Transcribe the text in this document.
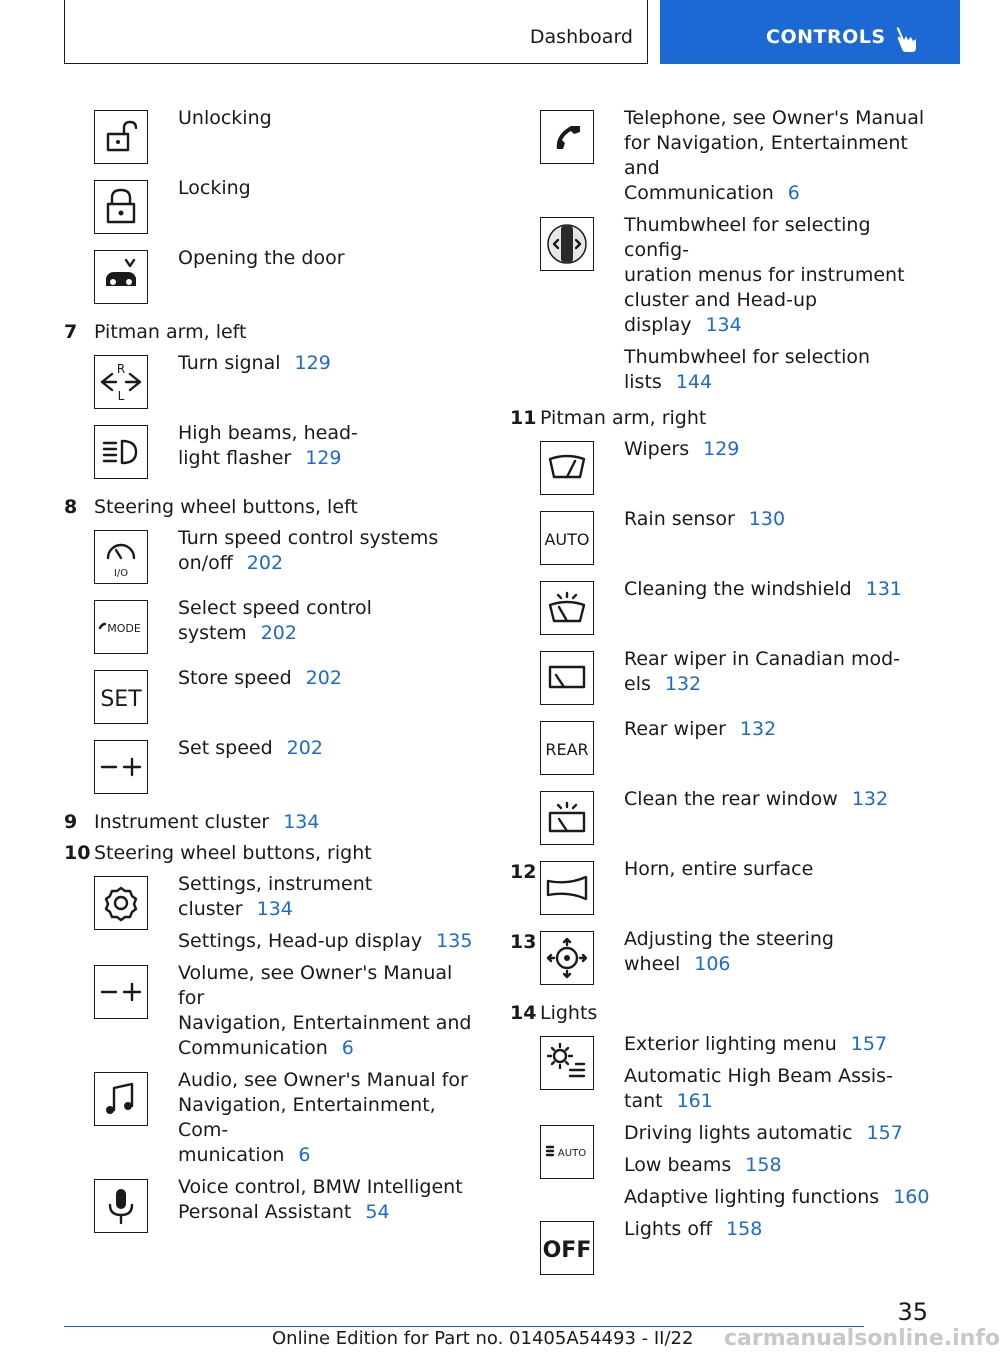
Dashboard	CONTROLS
Unlocking
Locking
Opening the door
7 Pitman arm, left
R
L
Turn signal 129
High beams, head-
light flasher 129
8 Steering wheel buttons, left
I/O
Turn speed control systems on/off 202
MODE
Select speed control system 202
SET
Store speed 202
Set speed 202
9 Instrument cluster 134
10 Steering wheel buttons, right
Settings, instrument cluster 134
Settings, Head-up display 135
Volume, see Owner's Manual for
Navigation, Entertainment and
Communication 6
Audio, see Owner's Manual for
Navigation, Entertainment, Com-
munication 6
Voice control, BMW Intelligent
Personal Assistant 54
Telephone, see Owner's Manual
for Navigation, Entertainment and
Communication 6
Thumbwheel for selecting config-
uration menus for instrument
cluster and Head-up display 134
Thumbwheel for selection
lists 144
11 Pitman arm, right
Wipers 129
AUTO
Rain sensor 130
Cleaning the windshield 131
Rear wiper in Canadian mod-
els 132
REAR
Rear wiper 132
Clean the rear window 132
12	Horn, entire surface
13	Adjusting the steering wheel 106
14 Lights
Exterior lighting menu 157
Automatic High Beam Assis-
tant 161
AUTO
Driving lights automatic 157
Low beams 158
Adaptive lighting functions 160
OFF
Lights off 158
35
Online Edition for Part no. 01405A54493 - II/22 carmanualsonline.info
